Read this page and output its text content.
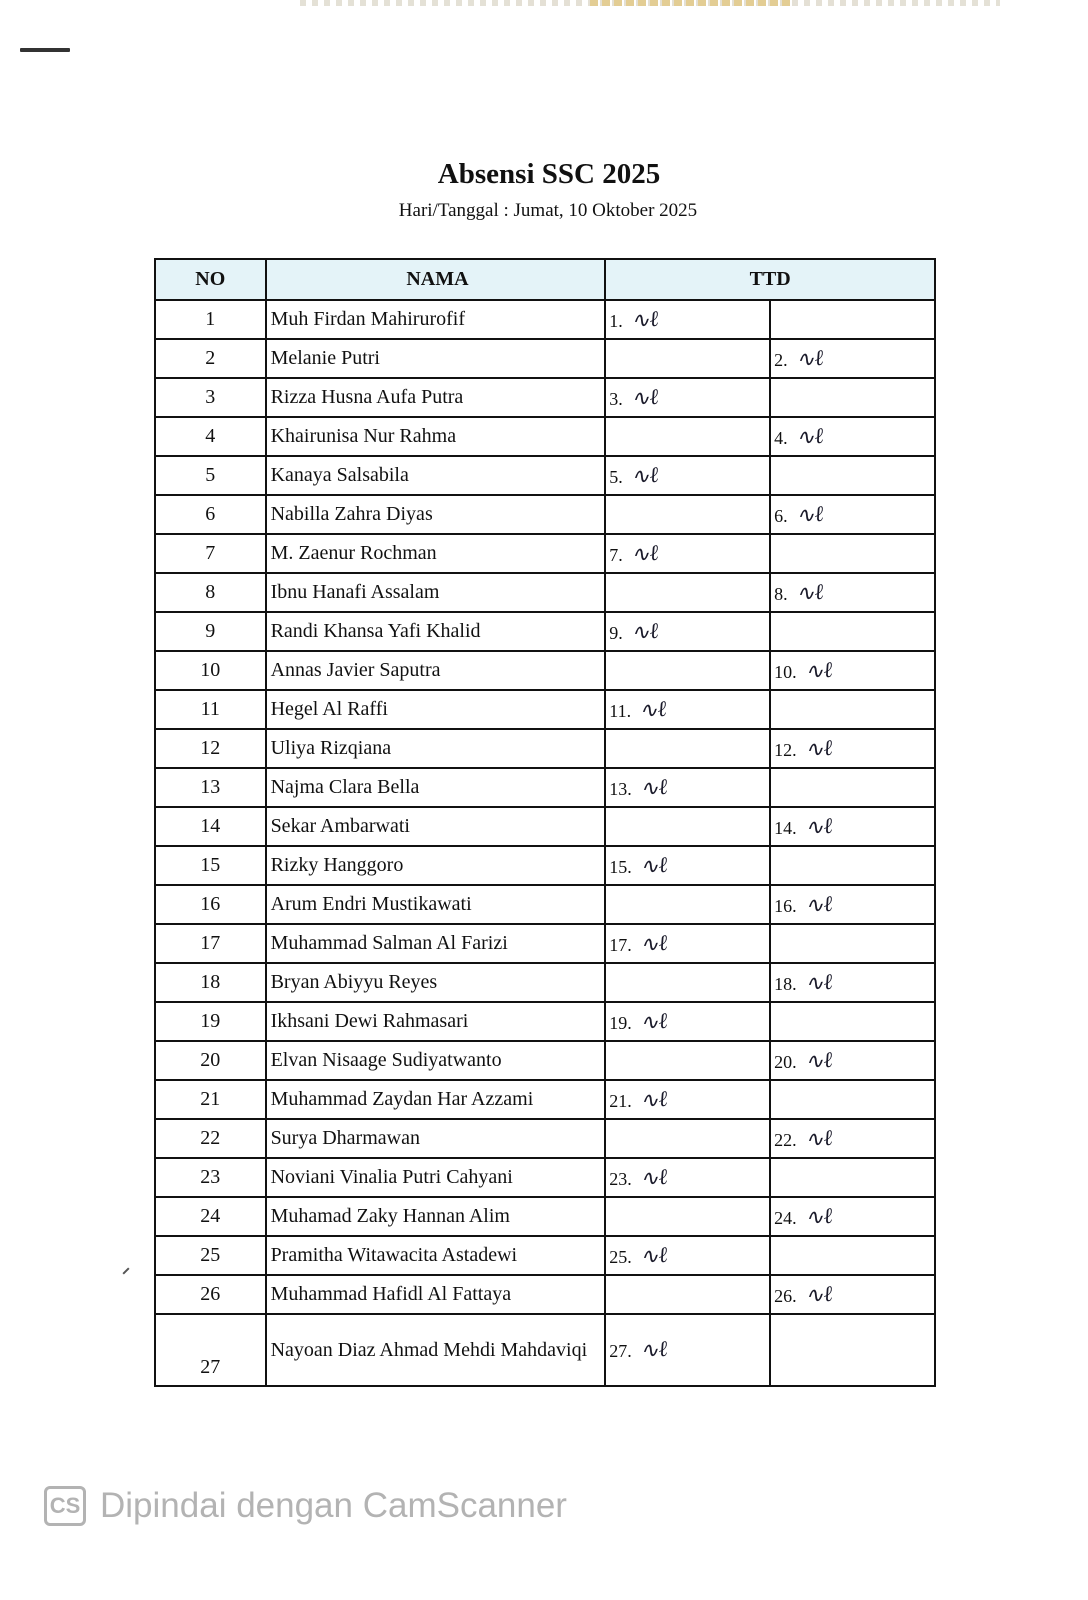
Absensi SSC 2025
Hari/Tanggal : Jumat, 10 Oktober 2025
NO	NAMA	TTD	
1	Muh Firdan Mahirurofif	1. ∿ℓ	
2	Melanie Putri		2. ∿ℓ
3	Rizza Husna Aufa Putra	3. ∿ℓ	
4	Khairunisa Nur Rahma		4. ∿ℓ
5	Kanaya Salsabila	5. ∿ℓ	
6	Nabilla Zahra Diyas		6. ∿ℓ
7	M. Zaenur Rochman	7. ∿ℓ	
8	Ibnu Hanafi Assalam		8. ∿ℓ
9	Randi Khansa Yafi Khalid	9. ∿ℓ	
10	Annas Javier Saputra		10. ∿ℓ
11	Hegel Al Raffi	11. ∿ℓ	
12	Uliya Rizqiana		12. ∿ℓ
13	Najma Clara Bella	13. ∿ℓ	
14	Sekar Ambarwati		14. ∿ℓ
15	Rizky Hanggoro	15. ∿ℓ	
16	Arum Endri Mustikawati		16. ∿ℓ
17	Muhammad Salman Al Farizi	17. ∿ℓ	
18	Bryan Abiyyu Reyes		18. ∿ℓ
19	Ikhsani Dewi Rahmasari	19. ∿ℓ	
20	Elvan Nisaage Sudiyatwanto		20. ∿ℓ
21	Muhammad Zaydan Har Azzami	21. ∿ℓ	
22	Surya Dharmawan		22. ∿ℓ
23	Noviani Vinalia Putri Cahyani	23. ∿ℓ	
24	Muhamad Zaky Hannan Alim		24. ∿ℓ
25	Pramitha Witawacita Astadewi	25. ∿ℓ	
26	Muhammad Hafidl Al Fattaya		26. ∿ℓ
27	Nayoan Diaz Ahmad Mehdi Mahdaviqi	27. ∿ℓ	
CS Dipindai dengan CamScanner
